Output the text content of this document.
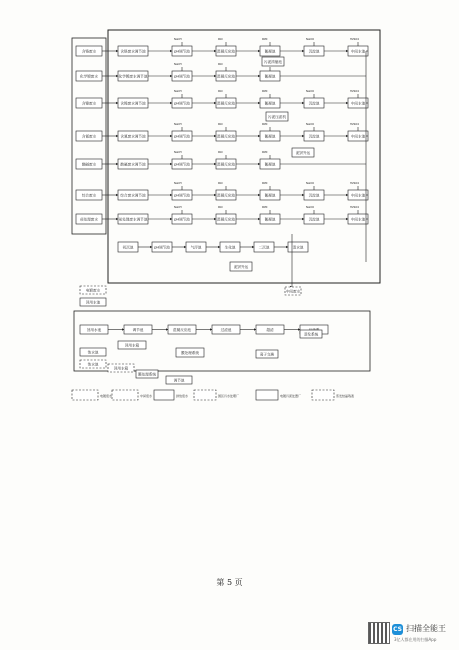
含铬废水	含铬废水调节池	pH调节池
NaOH
混凝反应池
PAC
絮凝池
PAM
沉淀池
NaClO
中间水池
H2SO4
化学镀废水	化学镀废水调节池	pH调节池
NaOH
混凝反应池
PAC
絮凝池
含镍废水	含镍废水调节池	pH调节池
NaOH
混凝反应池
PAC
絮凝池
PAM
沉淀池
NaClO
中间水池
H2SO4
含氰废水	含氰废水调节池	pH调节池
NaOH
混凝反应池
PAC
絮凝池
PAM
沉淀池
NaClO
中间水池
H2SO4
酸碱废水	酸碱废水调节池	pH调节池
NaOH
混凝反应池
PAC
絮凝池
PAM
综合废水	综合废水调节池	pH调节池
NaOH
混凝反应池
PAC
絮凝池
PAM
沉淀池
NaClO
中间水池
H2SO4
前处理废水	前处理废水调节池	pH调节池
NaOH
混凝反应池
PAC
絮凝池
PAM
沉淀池
NaClO
中间水池
H2SO4
污泥浓缩池
污泥压滤机
泥饼外运
初沉池	pH调节池	气浮池	生化池	二沉池	清水池
泥饼外运
中间废水
电镀废水
回用水池
回用水池	调节池	混凝反应池	过滤池	超滤
浓水池
回用水箱
膜处理系统	离子交换
蒸发系统
浓水池
回用水箱
膜处理系统
调节池
电镀废水	中间废水	排放废水	园区污水处理厂	电镀污泥处置厂	蒸发结晶残液
第 5 页
CS 扫描全能王
3亿人都在用的扫描App
